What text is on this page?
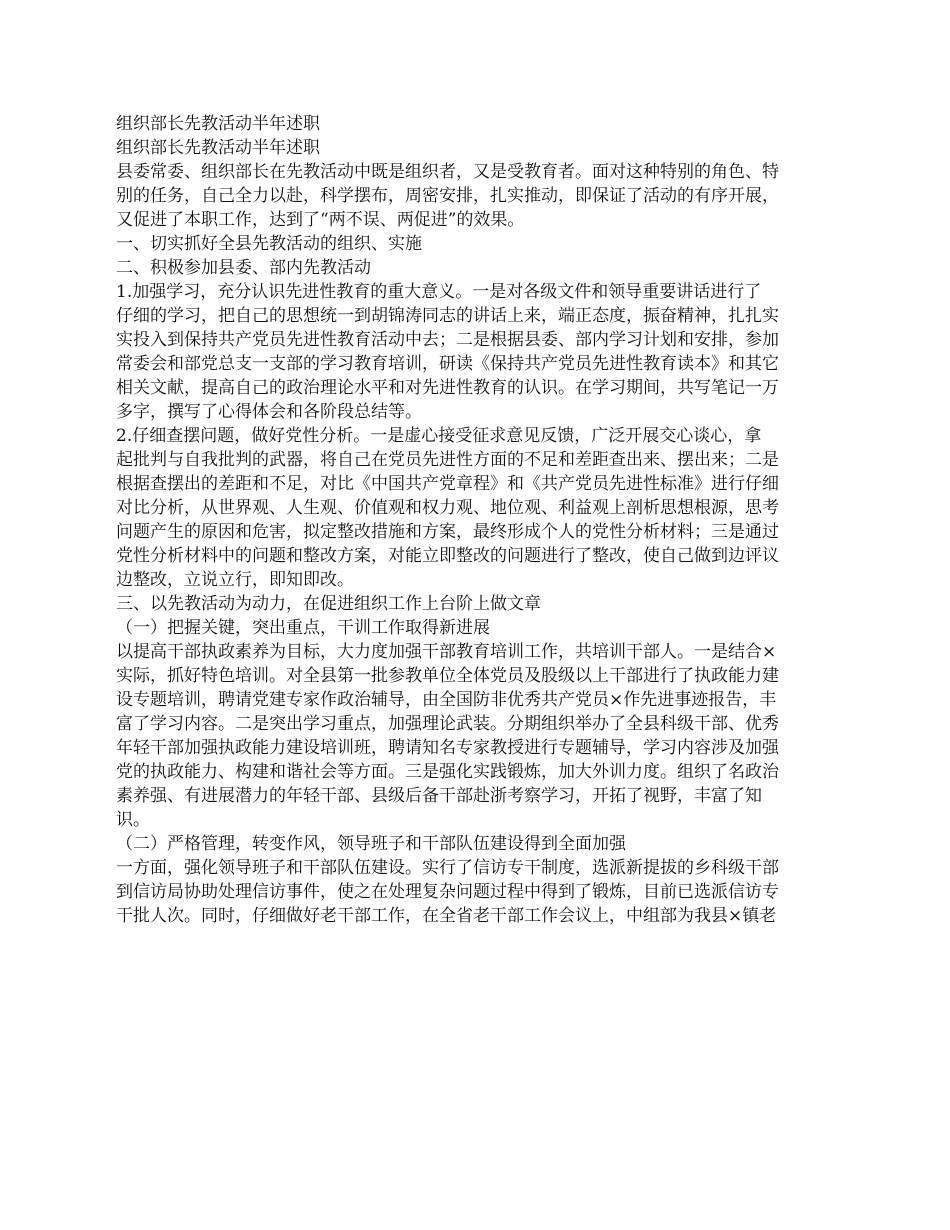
组织部长先教活动半年述职

组织部长先教活动半年述职

县委常委、组织部长在先教活动中既是组织者，又是受教育者。面对这种特别的角色、特
别的任务，自己全力以赴，科学摆布，周密安排，扎实推动，即保证了活动的有序开展，
又促进了本职工作，达到了“两不误、两促进”的效果。

一、切实抓好全县先教活动的组织、实施

二、积极参加县委、部内先教活动

1.加强学习，充分认识先进性教育的重大意义。一是对各级文件和领导重要讲话进行了
仔细的学习，把自己的思想统一到胡锦涛同志的讲话上来，端正态度，振奋精神，扎扎实
实投入到保持共产党员先进性教育活动中去；二是根据县委、部内学习计划和安排，参加
常委会和部党总支一支部的学习教育培训，研读《保持共产党员先进性教育读本》和其它
相关文献，提高自己的政治理论水平和对先进性教育的认识。在学习期间，共写笔记一万
多字，撰写了心得体会和各阶段总结等。

2.仔细查摆问题，做好党性分析。一是虚心接受征求意见反馈，广泛开展交心谈心，拿
起批判与自我批判的武器，将自己在党员先进性方面的不足和差距查出来、摆出来；二是
根据查摆出的差距和不足，对比《中国共产党章程》和《共产党员先进性标准》进行仔细
对比分析，从世界观、人生观、价值观和权力观、地位观、利益观上剖析思想根源，思考
问题产生的原因和危害，拟定整改措施和方案，最终形成个人的党性分析材料；三是通过
党性分析材料中的问题和整改方案，对能立即整改的问题进行了整改，使自己做到边评议
边整改，立说立行，即知即改。

三、以先教活动为动力，在促进组织工作上台阶上做文章

（一）把握关键，突出重点，干训工作取得新进展

以提高干部执政素养为目标，大力度加强干部教育培训工作，共培训干部人。一是结合×
实际，抓好特色培训。对全县第一批参教单位全体党员及股级以上干部进行了执政能力建
设专题培训，聘请党建专家作政治辅导，由全国防非优秀共产党员×作先进事迹报告，丰
富了学习内容。二是突出学习重点，加强理论武装。分期组织举办了全县科级干部、优秀
年轻干部加强执政能力建设培训班，聘请知名专家教授进行专题辅导，学习内容涉及加强
党的执政能力、构建和谐社会等方面。三是强化实践锻炼，加大外训力度。组织了名政治
素养强、有进展潜力的年轻干部、县级后备干部赴浙考察学习，开拓了视野，丰富了知
识。

（二）严格管理，转变作风，领导班子和干部队伍建设得到全面加强

一方面，强化领导班子和干部队伍建设。实行了信访专干制度，选派新提拔的乡科级干部
到信访局协助处理信访事件，使之在处理复杂问题过程中得到了锻炼，目前已选派信访专
干批人次。同时，仔细做好老干部工作，在全省老干部工作会议上，中组部为我县×镇老
